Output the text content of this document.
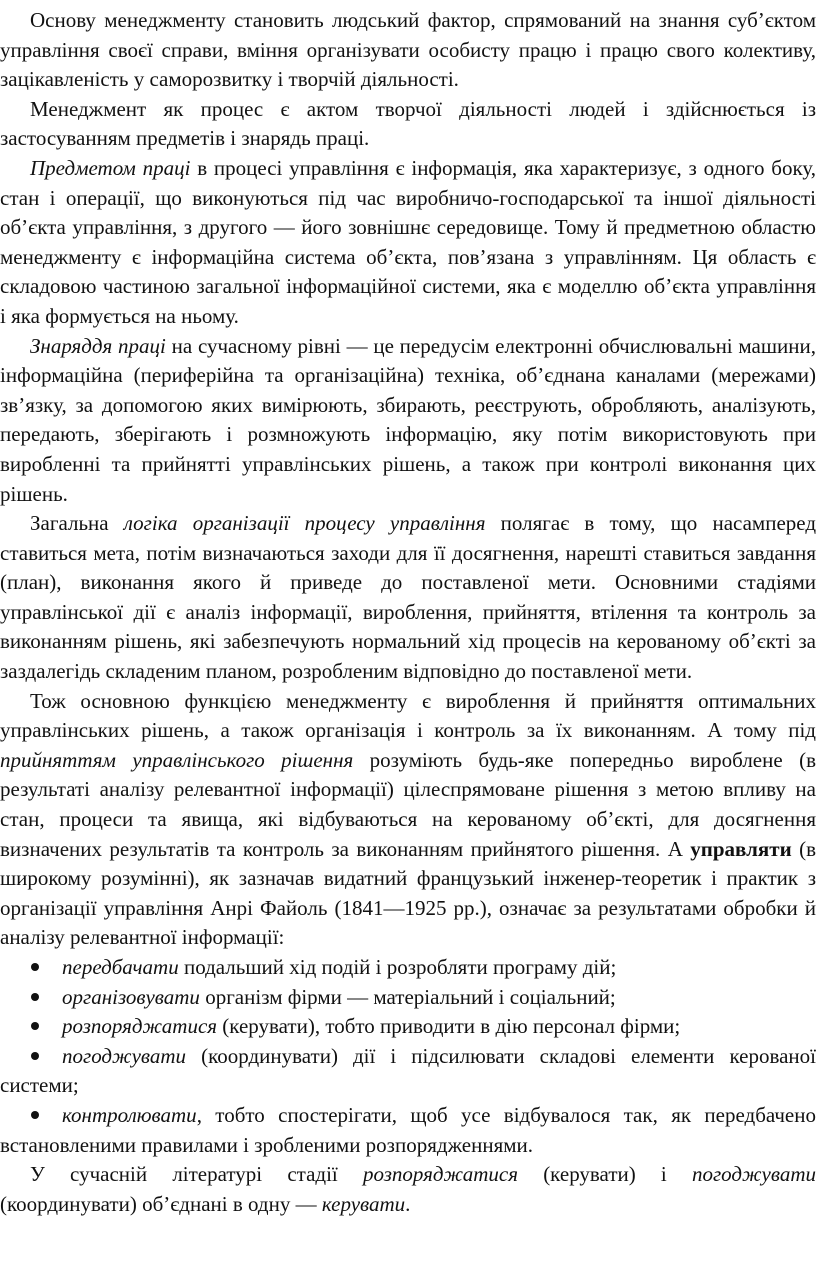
Основу менеджменту становить людський фактор, спрямований на знання суб’єктом управління своєї справи, вміння організувати особисту працю і працю свого колективу, зацікавленість у саморозвитку і творчій діяльності.

Менеджмент як процес є актом творчої діяльності людей і здійснюється із застосуванням предметів і знарядь праці.

Предметом праці в процесі управління є інформація, яка характеризує, з одного боку, стан і операції, що виконуються під час виробничо-господарської та іншої діяльності об’єкта управління, з другого — його зовнішнє середовище. Тому й предметною областю менеджменту є інформаційна система об’єкта, пов’язана з управлінням. Ця область є складовою частиною загальної інформаційної системи, яка є моделлю об’єкта управління і яка формується на ньому.

Знаряддя праці на сучасному рівні — це передусім електронні обчислювальні машини, інформаційна (периферійна та організаційна) техніка, об’єднана каналами (мережами) зв’язку, за допомогою яких вимірюють, збирають, реєструють, обробляють, аналізують, передають, зберігають і розмножують інформацію, яку потім використовують при виробленні та прийнятті управлінських рішень, а також при контролі виконання цих рішень.

Загальна логіка організації процесу управління полягає в тому, що насамперед ставиться мета, потім визначаються заходи для її досягнення, нарешті ставиться завдання (план), виконання якого й приведе до поставленої мети. Основними стадіями управлінської дії є аналіз інформації, вироблення, прийняття, втілення та контроль за виконанням рішень, які забезпечують нормальний хід процесів на керованому об’єкті за заздалегідь складеним планом, розробленим відповідно до поставленої мети.

Тож основною функцією менеджменту є вироблення й прийняття оптимальних управлінських рішень, а також організація і контроль за їх виконанням. А тому під прийняттям управлінського рішення розуміють будь-яке попередньо вироблене (в результаті аналізу релевантної інформації) цілеспрямоване рішення з метою впливу на стан, процеси та явища, які відбуваються на керованому об’єкті, для досягнення визначених результатів та контроль за виконанням прийнятого рішення. А управляти (в широкому розумінні), як зазначав видатний французький інженер-теоретик і практик з організації управління Анрі Файоль (1841—1925 рр.), означає за результатами обробки й аналізу релевантної інформації:

передбачати подальший хід подій і розробляти програму дій;

організовувати організм фірми — матеріальний і соціальний;

розпоряджатися (керувати), тобто приводити в дію персонал фірми;

погоджувати (координувати) дії і підсилювати складові елементи керованої системи;

контролювати, тобто спостерігати, щоб усе відбувалося так, як передбачено встановленими правилами і зробленими розпорядженнями.

У сучасній літературі стадії розпоряджатися (керувати) і погоджувати (координувати) об’єднані в одну — керувати.
